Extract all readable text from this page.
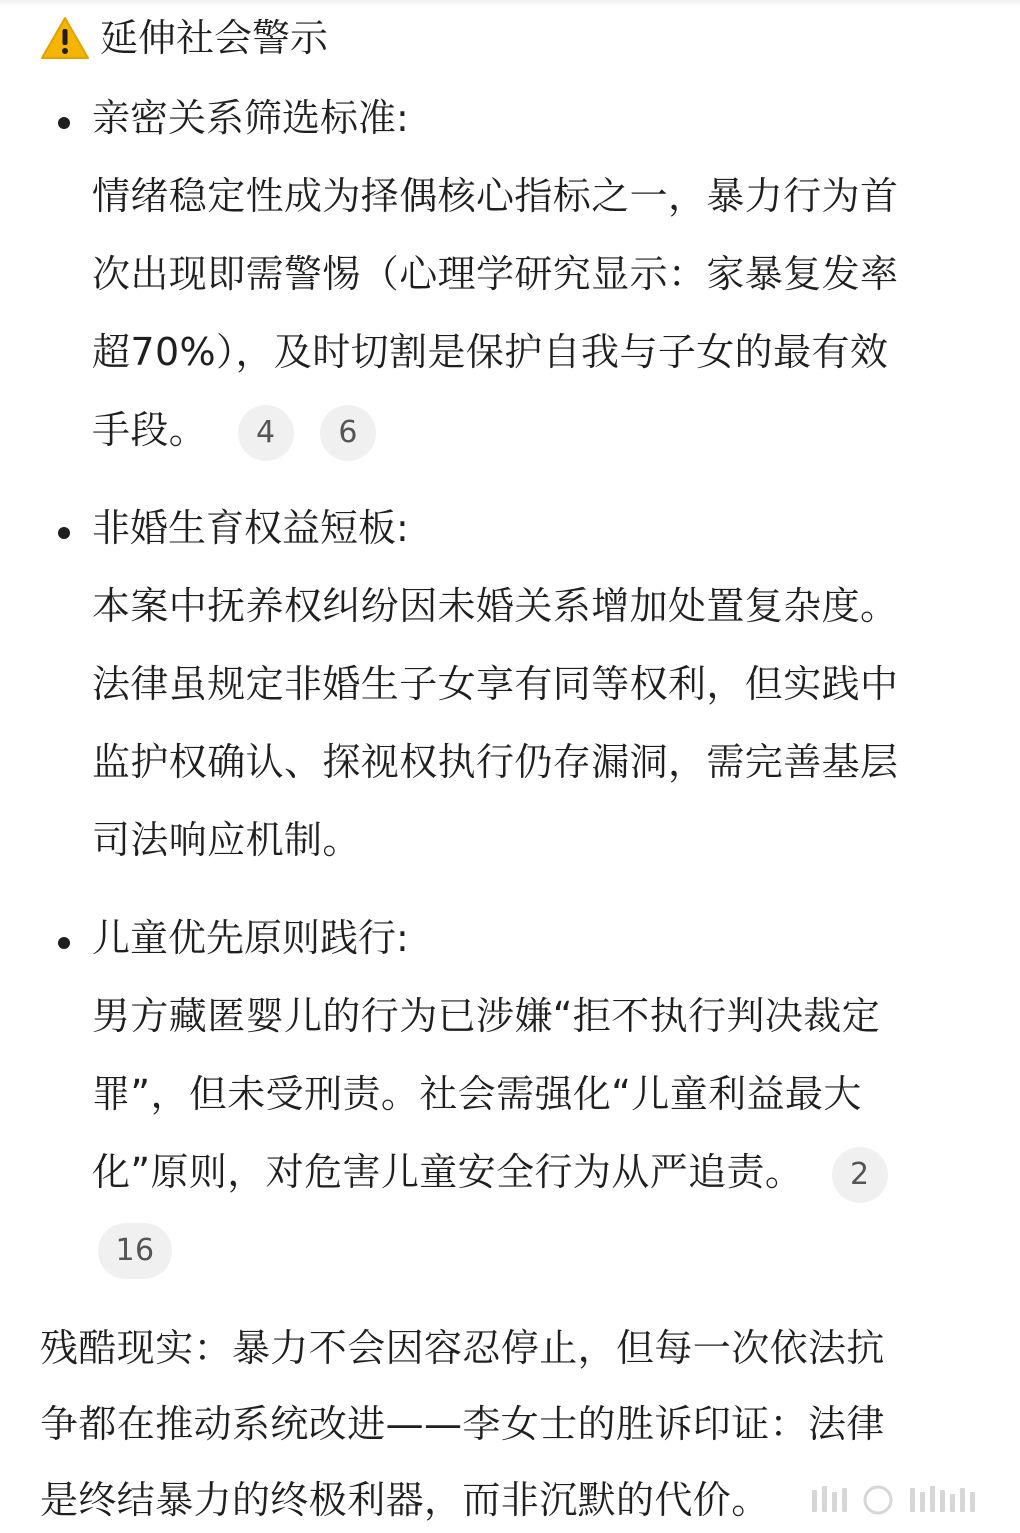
延伸社会警示
亲密关系筛选标准:
情绪稳定性成为择偶核心指标之一，暴力行为首
次出现即需警惕（心理学研究显示：家暴复发率
超70%），及时切割是保护自我与子女的最有效
手段。 4 6
非婚生育权益短板:
本案中抚养权纠纷因未婚关系增加处置复杂度。
法律虽规定非婚生子女享有同等权利，但实践中
监护权确认、探视权执行仍存漏洞，需完善基层
司法响应机制。
儿童优先原则践行:
男方藏匿婴儿的行为已涉嫌“拒不执行判决裁定
罪”，但未受刑责。社会需强化“儿童利益最大
化”原则，对危害儿童安全行为从严追责。 2
16
残酷现实：暴力不会因容忍停止，但每一次依法抗
争都在推动系统改进——李女士的胜诉印证：法律
是终结暴力的终极利器，而非沉默的代价。
